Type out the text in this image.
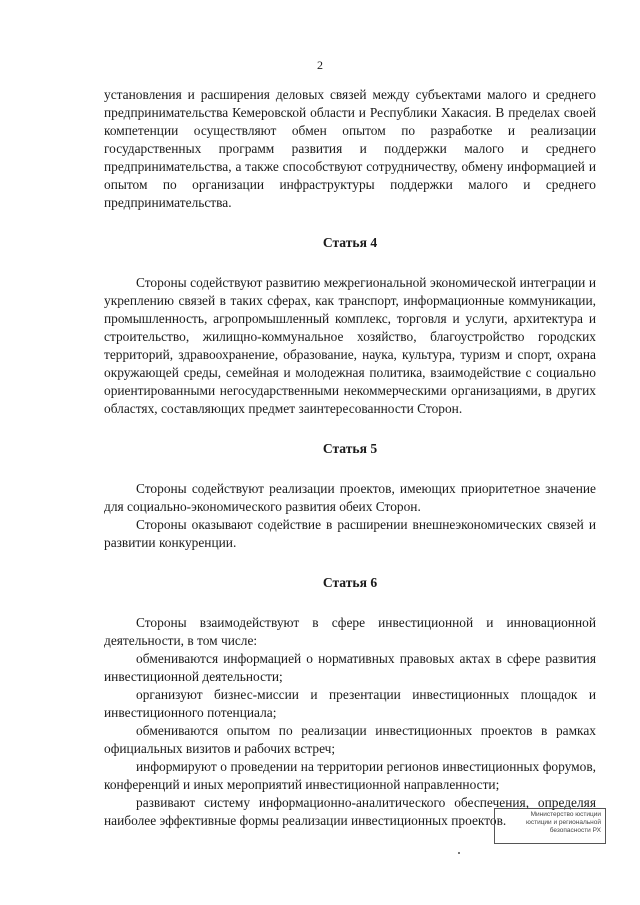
2

установления и расширения деловых связей между субъектами малого и среднего предпринимательства Кемеровской области и Республики Хакасия. В пределах своей компетенции осуществляют обмен опытом по разработке и реализации государственных программ развития и поддержки малого и среднего предпринимательства, а также способствуют сотрудничеству, обмену информацией и опытом по организации инфраструктуры поддержки малого и среднего предпринимательства.

Статья 4

Стороны содействуют развитию межрегиональной экономической интеграции и укреплению связей в таких сферах, как транспорт, информационные коммуникации, промышленность, агропромышленный комплекс, торговля и услуги, архитектура и строительство, жилищно-коммунальное хозяйство, благоустройство городских территорий, здравоохранение, образование, наука, культура, туризм и спорт, охрана окружающей среды, семейная и молодежная политика, взаимодействие с социально ориентированными негосударственными некоммерческими организациями, в других областях, составляющих предмет заинтересованности Сторон.

Статья 5

Стороны содействуют реализации проектов, имеющих приоритетное значение для социально-экономического развития обеих Сторон.

Стороны оказывают содействие в расширении внешнеэкономических связей и развитии конкуренции.

Статья 6

Стороны взаимодействуют в сфере инвестиционной и инновационной деятельности, в том числе:

обмениваются информацией о нормативных правовых актах в сфере развития инвестиционной деятельности;

организуют бизнес-миссии и презентации инвестиционных площадок и инвестиционного потенциала;

обмениваются опытом по реализации инвестиционных проектов в рамках официальных визитов и рабочих встреч;

информируют о проведении на территории регионов инвестиционных форумов, конференций и иных мероприятий инвестиционной направленности;

развивают систему информационно-аналитического обеспечения, определяя наиболее эффективные формы реализации инвестиционных проектов.	Министерство юстиции
юстиции и региональной
безопасности РХ
